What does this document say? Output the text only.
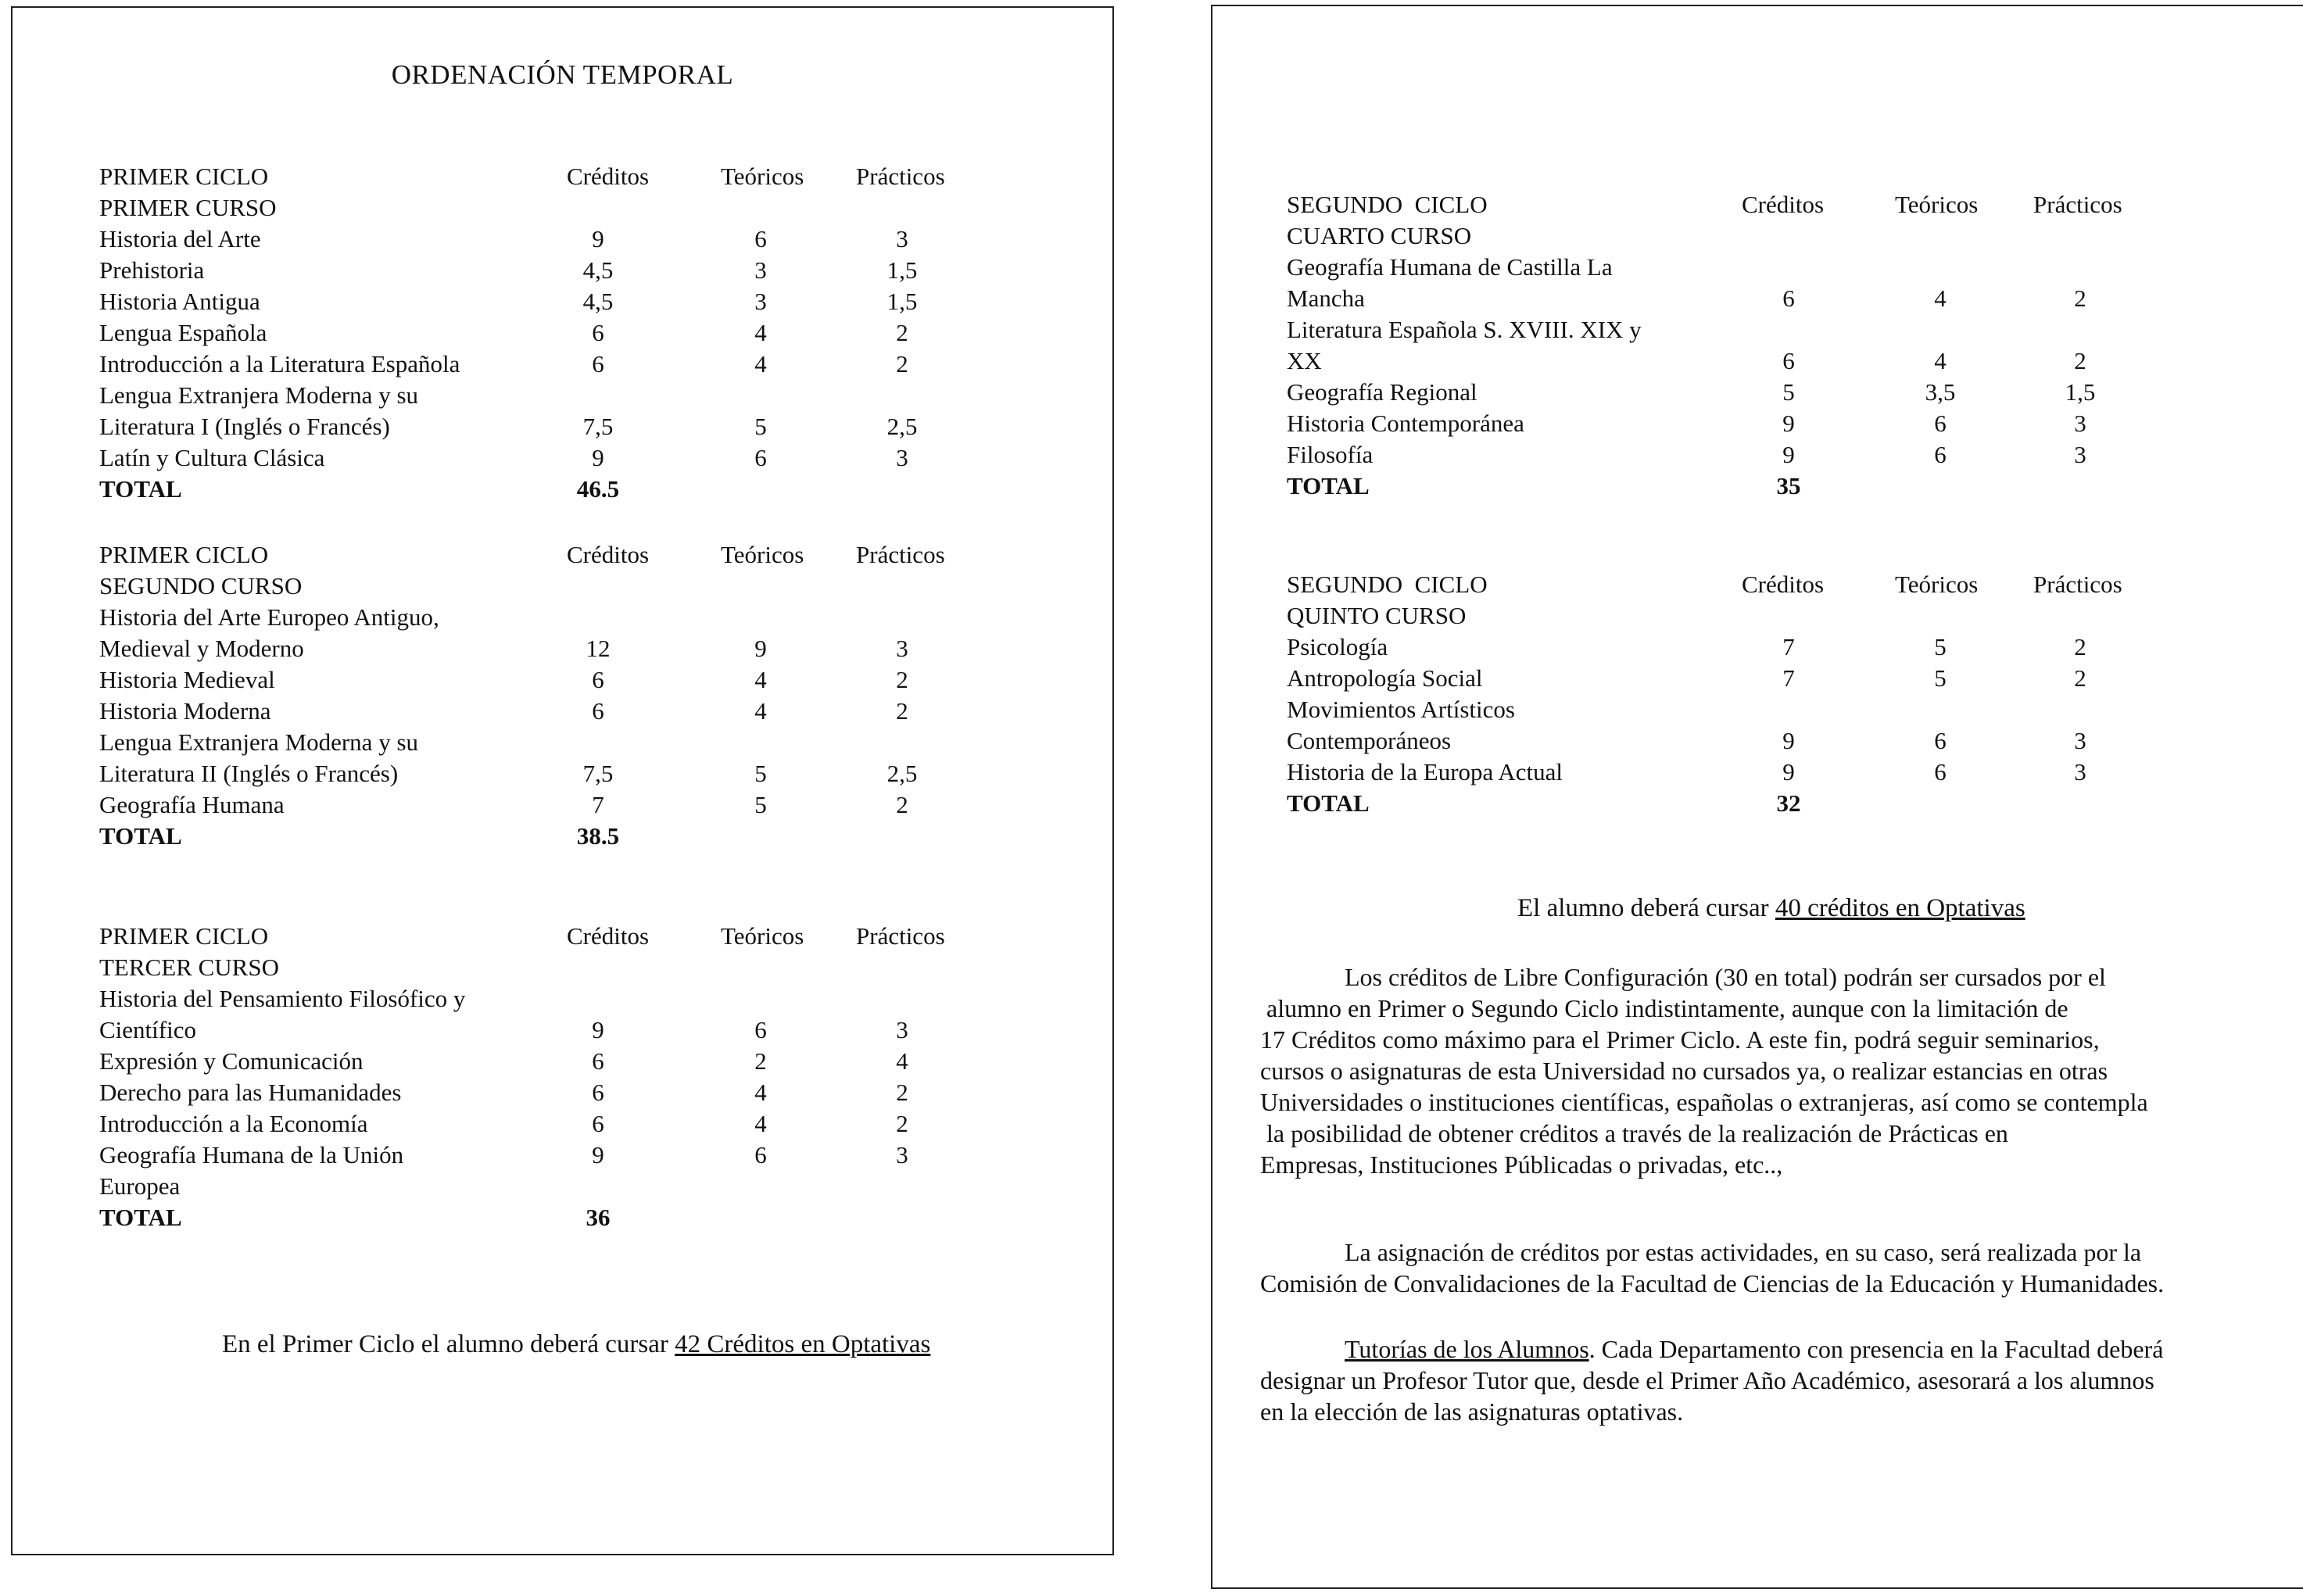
ORDENACIÓN TEMPORAL
PRIMER CICLO	Créditos	Teóricos Prácticos
PRIMER CURSO
Historia del Arte	9	6	3
Prehistoria	4,5	3	1,5
Historia Antigua	4,5	3	1,5
Lengua Española	6	4	2
Introducción a la Literatura Española	6	4	2
Lengua Extranjera Moderna y su
Literatura I (Inglés o Francés)	7,5	5	2,5
Latín y Cultura Clásica	9	6	3
TOTAL	46.5
PRIMER CICLO	Créditos	Teóricos Prácticos
SEGUNDO CURSO
Historia del Arte Europeo Antiguo,
Medieval y Moderno	12	9	3
Historia Medieval	6	4	2
Historia Moderna	6	4	2
Lengua Extranjera Moderna y su
Literatura II (Inglés o Francés)	7,5	5	2,5
Geografía Humana	7	5	2
TOTAL	38.5
PRIMER CICLO	Créditos	Teóricos Prácticos
TERCER CURSO
Historia del Pensamiento Filosófico y
Científico	9	6	3
Expresión y Comunicación	6	2	4
Derecho para las Humanidades	6	4	2
Introducción a la Economía	6	4	2
Geografía Humana de la Unión	9	6	3
Europea
TOTAL	36
En el Primer Ciclo el alumno deberá cursar 42 Créditos en Optativas
SEGUNDO  CICLO	Créditos	Teóricos Prácticos
CUARTO CURSO
Geografía Humana de Castilla La
Mancha	6	4	2
Literatura Española S. XVIII. XIX y
XX	6	4	2
Geografía Regional	5	3,5	1,5
Historia Contemporánea	9	6	3
Filosofía	9	6	3
TOTAL	35
SEGUNDO  CICLO	Créditos	Teóricos Prácticos
QUINTO CURSO
Psicología	7	5	2
Antropología Social	7	5	2
Movimientos Artísticos
Contemporáneos	9	6	3
Historia de la Europa Actual	9	6	3
TOTAL	32
El alumno deberá cursar 40 créditos en Optativas
Los créditos de Libre Configuración (30 en total) podrán ser cursados por el
alumno en Primer o Segundo Ciclo indistintamente, aunque con la limitación de
17 Créditos como máximo para el Primer Ciclo. A este fin, podrá seguir seminarios,
cursos o asignaturas de esta Universidad no cursados ya, o realizar estancias en otras
Universidades o instituciones científicas, españolas o extranjeras, así como se contempla
la posibilidad de obtener créditos a través de la realización de Prácticas en
Empresas, Instituciones Públicadas o privadas, etc..,
La asignación de créditos por estas actividades, en su caso, será realizada por la
Comisión de Convalidaciones de la Facultad de Ciencias de la Educación y Humanidades.
Tutorías de los Alumnos. Cada Departamento con presencia en la Facultad deberá
designar un Profesor Tutor que, desde el Primer Año Académico, asesorará a los alumnos
en la elección de las asignaturas optativas.
